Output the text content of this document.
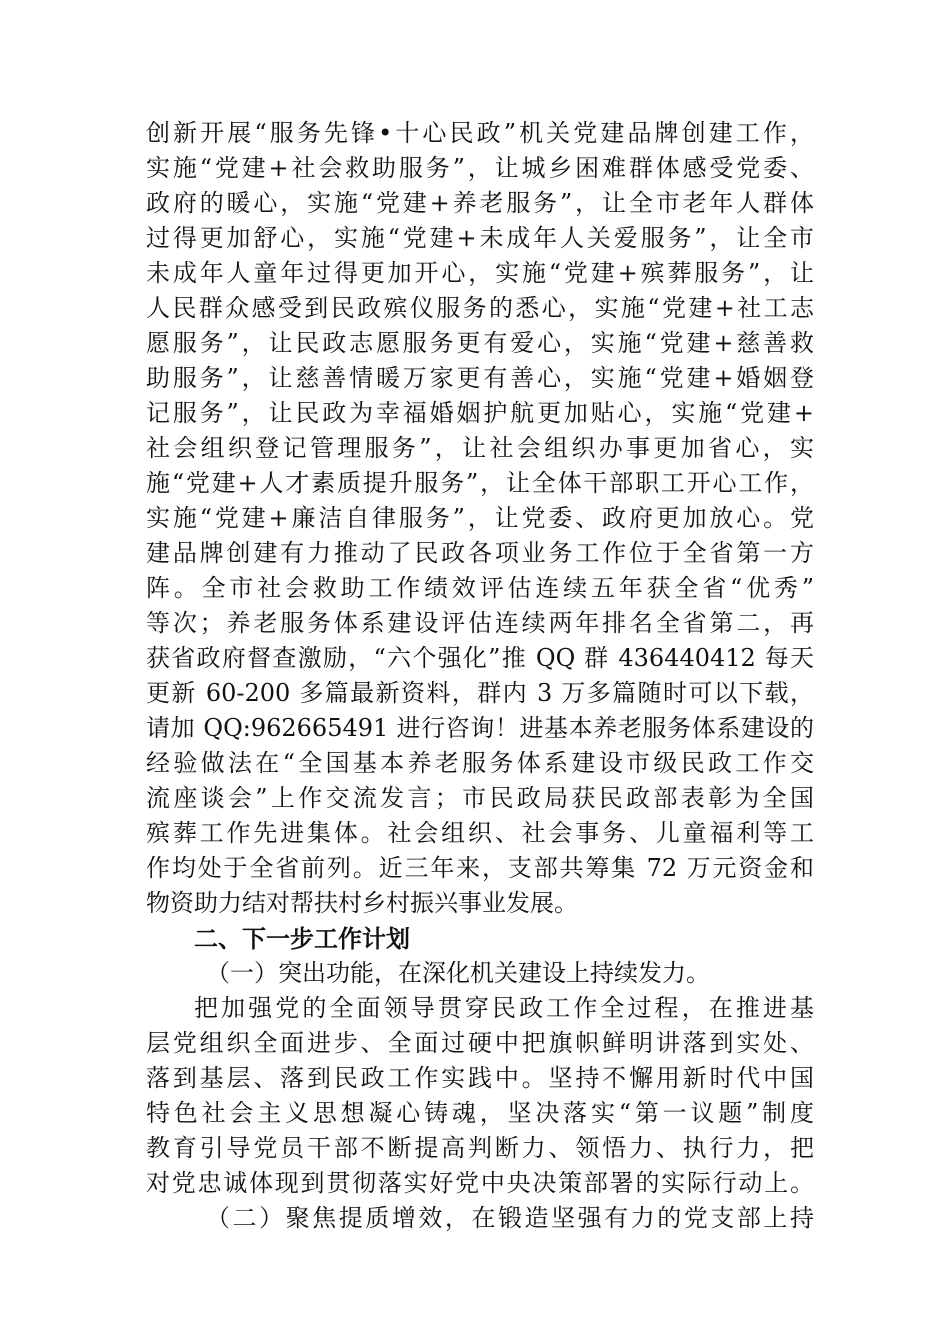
创新开展“服务先锋•十心民政”机关党建品牌创建工作，
实施“党建+社会救助服务”，让城乡困难群体感受党委、
政府的暖心，实施“党建+养老服务”，让全市老年人群体
过得更加舒心，实施“党建+未成年人关爱服务”，让全市
未成年人童年过得更加开心，实施“党建+殡葬服务”，让
人民群众感受到民政殡仪服务的悉心，实施“党建+社工志
愿服务”，让民政志愿服务更有爱心，实施“党建+慈善救
助服务”，让慈善情暖万家更有善心，实施“党建+婚姻登
记服务”，让民政为幸福婚姻护航更加贴心，实施“党建+
社会组织登记管理服务”，让社会组织办事更加省心，实
施“党建+人才素质提升服务”，让全体干部职工开心工作，
实施“党建+廉洁自律服务”，让党委、政府更加放心。党
建品牌创建有力推动了民政各项业务工作位于全省第一方
阵。全市社会救助工作绩效评估连续五年获全省“优秀”
等次；养老服务体系建设评估连续两年排名全省第二，再
获省政府督查激励，“六个强化”推 QQ 群 436440412 每天
更新 60-200 多篇最新资料，群内 3 万多篇随时可以下载，
请加 QQ:962665491 进行咨询！进基本养老服务体系建设的
经验做法在“全国基本养老服务体系建设市级民政工作交
流座谈会”上作交流发言；市民政局获民政部表彰为全国
殡葬工作先进集体。社会组织、社会事务、儿童福利等工
作均处于全省前列。近三年来，支部共筹集 72 万元资金和
物资助力结对帮扶村乡村振兴事业发展。
二、下一步工作计划
（一）突出功能，在深化机关建设上持续发力。
把加强党的全面领导贯穿民政工作全过程，在推进基
层党组织全面进步、全面过硬中把旗帜鲜明讲落到实处、
落到基层、落到民政工作实践中。坚持不懈用新时代中国
特色社会主义思想凝心铸魂，坚决落实“第一议题”制度
教育引导党员干部不断提高判断力、领悟力、执行力，把
对党忠诚体现到贯彻落实好党中央决策部署的实际行动上。
（二）聚焦提质增效，在锻造坚强有力的党支部上持
